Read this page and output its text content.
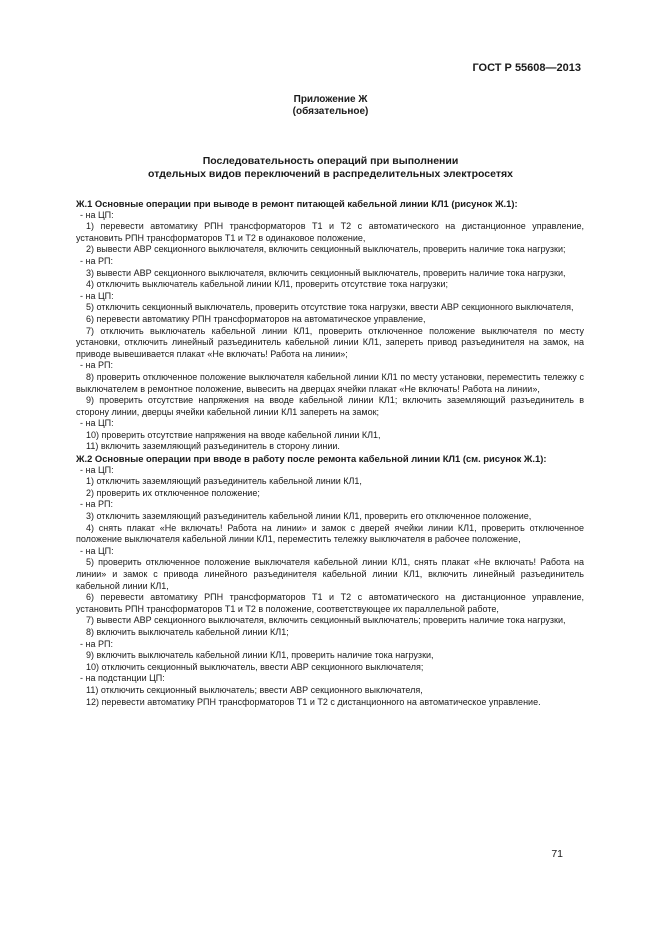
ГОСТ Р 55608—2013
Приложение Ж
(обязательное)
Последовательность операций при выполнении
отдельных видов переключений в распределительных электросетях

Ж.1 Основные операции при выводе в ремонт питающей кабельной линии КЛ1 (рисунок Ж.1):

- на ЦП:

1) перевести автоматику РПН трансформаторов Т1 и Т2 с автоматического на дистанционное управление, установить РПН трансформаторов Т1 и Т2 в одинаковое положение,

2) вывести АВР секционного выключателя, включить секционный выключатель, проверить наличие тока нагрузки;

- на РП:

3) вывести АВР секционного выключателя, включить секционный выключатель, проверить наличие тока нагрузки,

4) отключить выключатель кабельной линии КЛ1, проверить отсутствие тока нагрузки;

- на ЦП:

5) отключить секционный выключатель, проверить отсутствие тока нагрузки, ввести АВР секционного выключателя,

6) перевести автоматику РПН трансформаторов на автоматическое управление,

7) отключить выключатель кабельной линии КЛ1, проверить отключенное положение выключателя по месту установки, отключить линейный разъединитель кабельной линии КЛ1, запереть привод разъединителя на замок, на приводе вывешивается плакат «Не включать! Работа на линии»;

- на РП:

8) проверить отключенное положение выключателя кабельной линии КЛ1 по месту установки, переместить тележку с выключателем в ремонтное положение, вывесить на дверцах ячейки плакат «Не включать! Работа на линии»,

9) проверить отсутствие напряжения на вводе кабельной линии КЛ1; включить заземляющий разъединитель в сторону линии, дверцы ячейки кабельной линии КЛ1 запереть на замок;

- на ЦП:

10) проверить отсутствие напряжения на вводе кабельной линии КЛ1,

11) включить заземляющий разъединитель в сторону линии.

Ж.2 Основные операции при вводе в работу после ремонта кабельной линии КЛ1 (см. рисунок Ж.1):

- на ЦП:

1) отключить заземляющий разъединитель кабельной линии КЛ1,

2) проверить их отключенное положение;

- на РП:

3) отключить заземляющий разъединитель кабельной линии КЛ1, проверить его отключенное положение,

4) снять плакат «Не включать! Работа на линии» и замок с дверей ячейки линии КЛ1, проверить отключенное положение выключателя кабельной линии КЛ1, переместить тележку выключателя в рабочее положение,

- на ЦП:

5) проверить отключенное положение выключателя кабельной линии КЛ1, снять плакат «Не включать! Работа на линии» и замок с привода линейного разъединителя кабельной линии КЛ1, включить линейный разъединитель кабельной линии КЛ1,

6) перевести автоматику РПН трансформаторов Т1 и Т2 с автоматического на дистанционное управление, установить РПН трансформаторов Т1 и Т2 в положение, соответствующее их параллельной работе,

7) вывести АВР секционного выключателя, включить секционный выключатель; проверить наличие тока нагрузки,

8) включить выключатель кабельной линии КЛ1;

- на РП:

9) включить выключатель кабельной линии КЛ1, проверить наличие тока нагрузки,

10) отключить секционный выключатель, ввести АВР секционного выключателя;

- на подстанции ЦП:

11) отключить секционный выключатель; ввести АВР секционного выключателя,

12) перевести автоматику РПН трансформаторов Т1 и Т2 с дистанционного на автоматическое управление.

71
